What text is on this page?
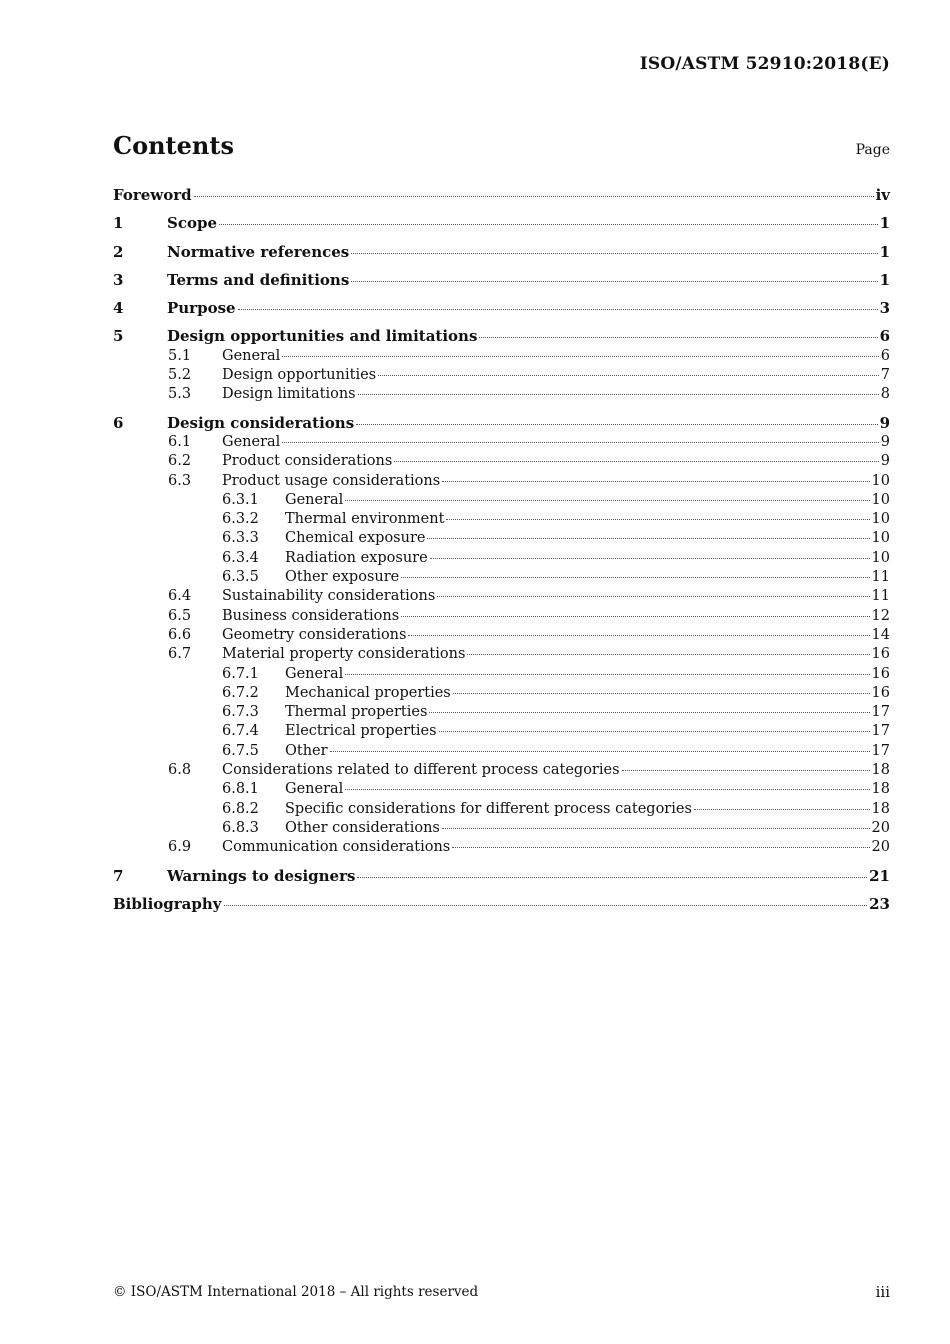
ISO/ASTM 52910:2018(E)
Contents	Page
Foreword	iv
1	Scope	1
2	Normative references	1
3	Terms and definitions	1
4	Purpose	3
5	Design opportunities and limitations	6
5.1 General	6
5.2 Design opportunities	7
5.3 Design limitations	8
6	Design considerations	9
6.1 General	9
6.2 Product considerations	9
6.3 Product usage considerations	10
6.3.1 General	10
6.3.2 Thermal environment	10
6.3.3 Chemical exposure	10
6.3.4 Radiation exposure	10
6.3.5 Other exposure	11
6.4 Sustainability considerations	11
6.5 Business considerations	12
6.6 Geometry considerations	14
6.7 Material property considerations	16
6.7.1 General	16
6.7.2 Mechanical properties	16
6.7.3 Thermal properties	17
6.7.4 Electrical properties	17
6.7.5 Other	17
6.8 Considerations related to different process categories	18
6.8.1 General	18
6.8.2 Specific considerations for different process categories	18
6.8.3 Other considerations	20
6.9 Communication considerations	20
7	Warnings to designers	21
Bibliography	23
© ISO/ASTM International 2018 – All rights reserved	iii
